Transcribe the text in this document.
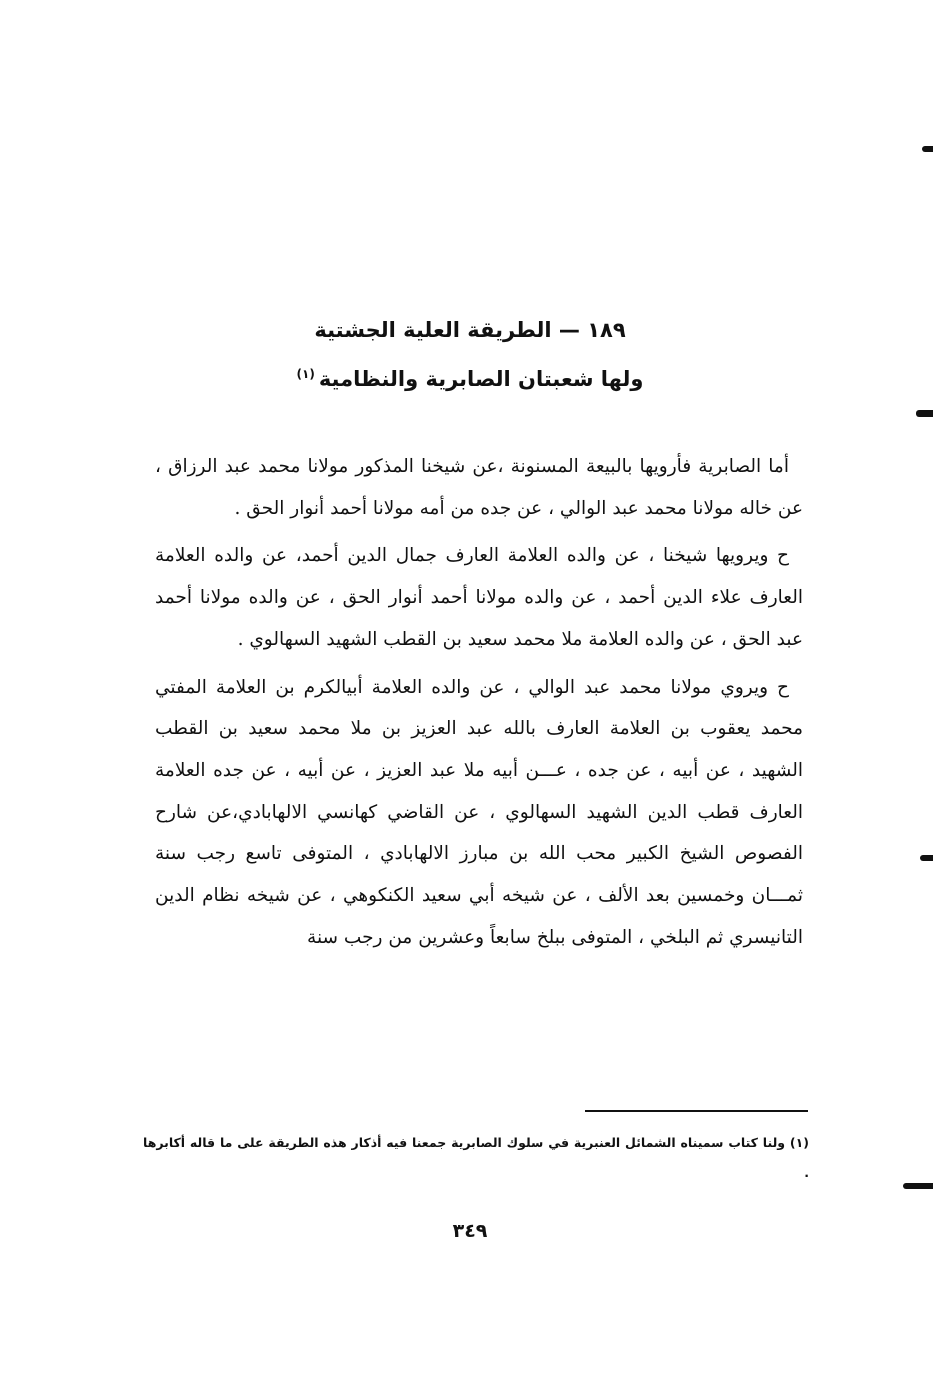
١٨٩ — الطريقة العلية الجشتية

ولها شعبتان الصابرية والنظامية$^{(١)}$

أما الصابرية فأرويها بالبيعة المسنونة ،عن شيخنا المذكور مولانا محمد عبد الرزاق ، عن خاله مولانا محمد عبد الوالي ، عن جده من أمه مولانا أحمد أنوار الحق .

ح ويرويها شيخنا ، عن والده العلامة العارف جمال الدين أحمد، عن والده العلامة العارف علاء الدين أحمد ، عن والده مولانا أحمد أنوار الحق ، عن والده مولانا أحمد عبد الحق ، عن والده العلامة ملا محمد سعيد بن القطب الشهيد السهالوي .

ح ويروي مولانا محمد عبد الوالي ، عن والده العلامة أبيالكرم بن العلامة المفتي محمد يعقوب بن العلامة العارف بالله عبد العزيز بن ملا محمد سعيد بن القطب الشهيد ، عن أبيه ، عن جده ، عـــن أبيه ملا عبد العزيز ، عن أبيه ، عن جده العلامة العارف قطب الدين الشهيد السهالوي ، عن القاضي كهانسي الالهابادي،عن شارح الفصوص الشيخ الكبير محب الله بن مبارز الالهابادي ، المتوفى تاسع رجب سنة ثمـــان وخمسين بعد الألف ، عن شيخه أبي سعيد الكنكوهي ، عن شيخه نظام الدين التانيسري ثم البلخي ، المتوفى ببلخ سابعاً وعشرين من رجب سنة

(١) ولنا كتاب سميناه الشمائل العنبرية في سلوك الصابرية جمعنا فيه أذكار هذه الطريقة على ما قاله أكابرها .
٣٤٩
